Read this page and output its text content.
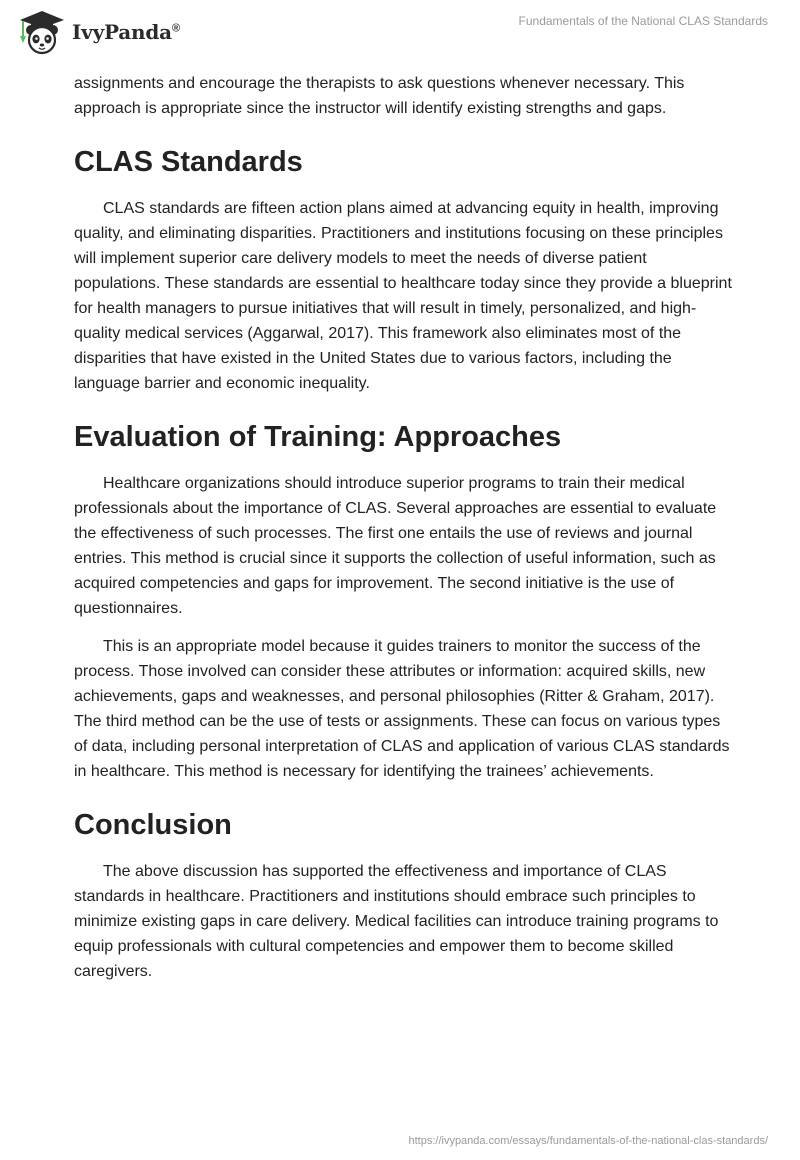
IvyPanda®
Fundamentals of the National CLAS Standards

assignments and encourage the therapists to ask questions whenever necessary. This approach is appropriate since the instructor will identify existing strengths and gaps.

CLAS Standards

CLAS standards are fifteen action plans aimed at advancing equity in health, improving quality, and eliminating disparities. Practitioners and institutions focusing on these principles will implement superior care delivery models to meet the needs of diverse patient populations. These standards are essential to healthcare today since they provide a blueprint for health managers to pursue initiatives that will result in timely, personalized, and high-quality medical services (Aggarwal, 2017). This framework also eliminates most of the disparities that have existed in the United States due to various factors, including the language barrier and economic inequality.

Evaluation of Training: Approaches

Healthcare organizations should introduce superior programs to train their medical professionals about the importance of CLAS. Several approaches are essential to evaluate the effectiveness of such processes. The first one entails the use of reviews and journal entries. This method is crucial since it supports the collection of useful information, such as acquired competencies and gaps for improvement. The second initiative is the use of questionnaires.

This is an appropriate model because it guides trainers to monitor the success of the process. Those involved can consider these attributes or information: acquired skills, new achievements, gaps and weaknesses, and personal philosophies (Ritter & Graham, 2017). The third method can be the use of tests or assignments. These can focus on various types of data, including personal interpretation of CLAS and application of various CLAS standards in healthcare. This method is necessary for identifying the trainees’ achievements.

Conclusion

The above discussion has supported the effectiveness and importance of CLAS standards in healthcare. Practitioners and institutions should embrace such principles to minimize existing gaps in care delivery. Medical facilities can introduce training programs to equip professionals with cultural competencies and empower them to become skilled caregivers.

https://ivypanda.com/essays/fundamentals-of-the-national-clas-standards/
